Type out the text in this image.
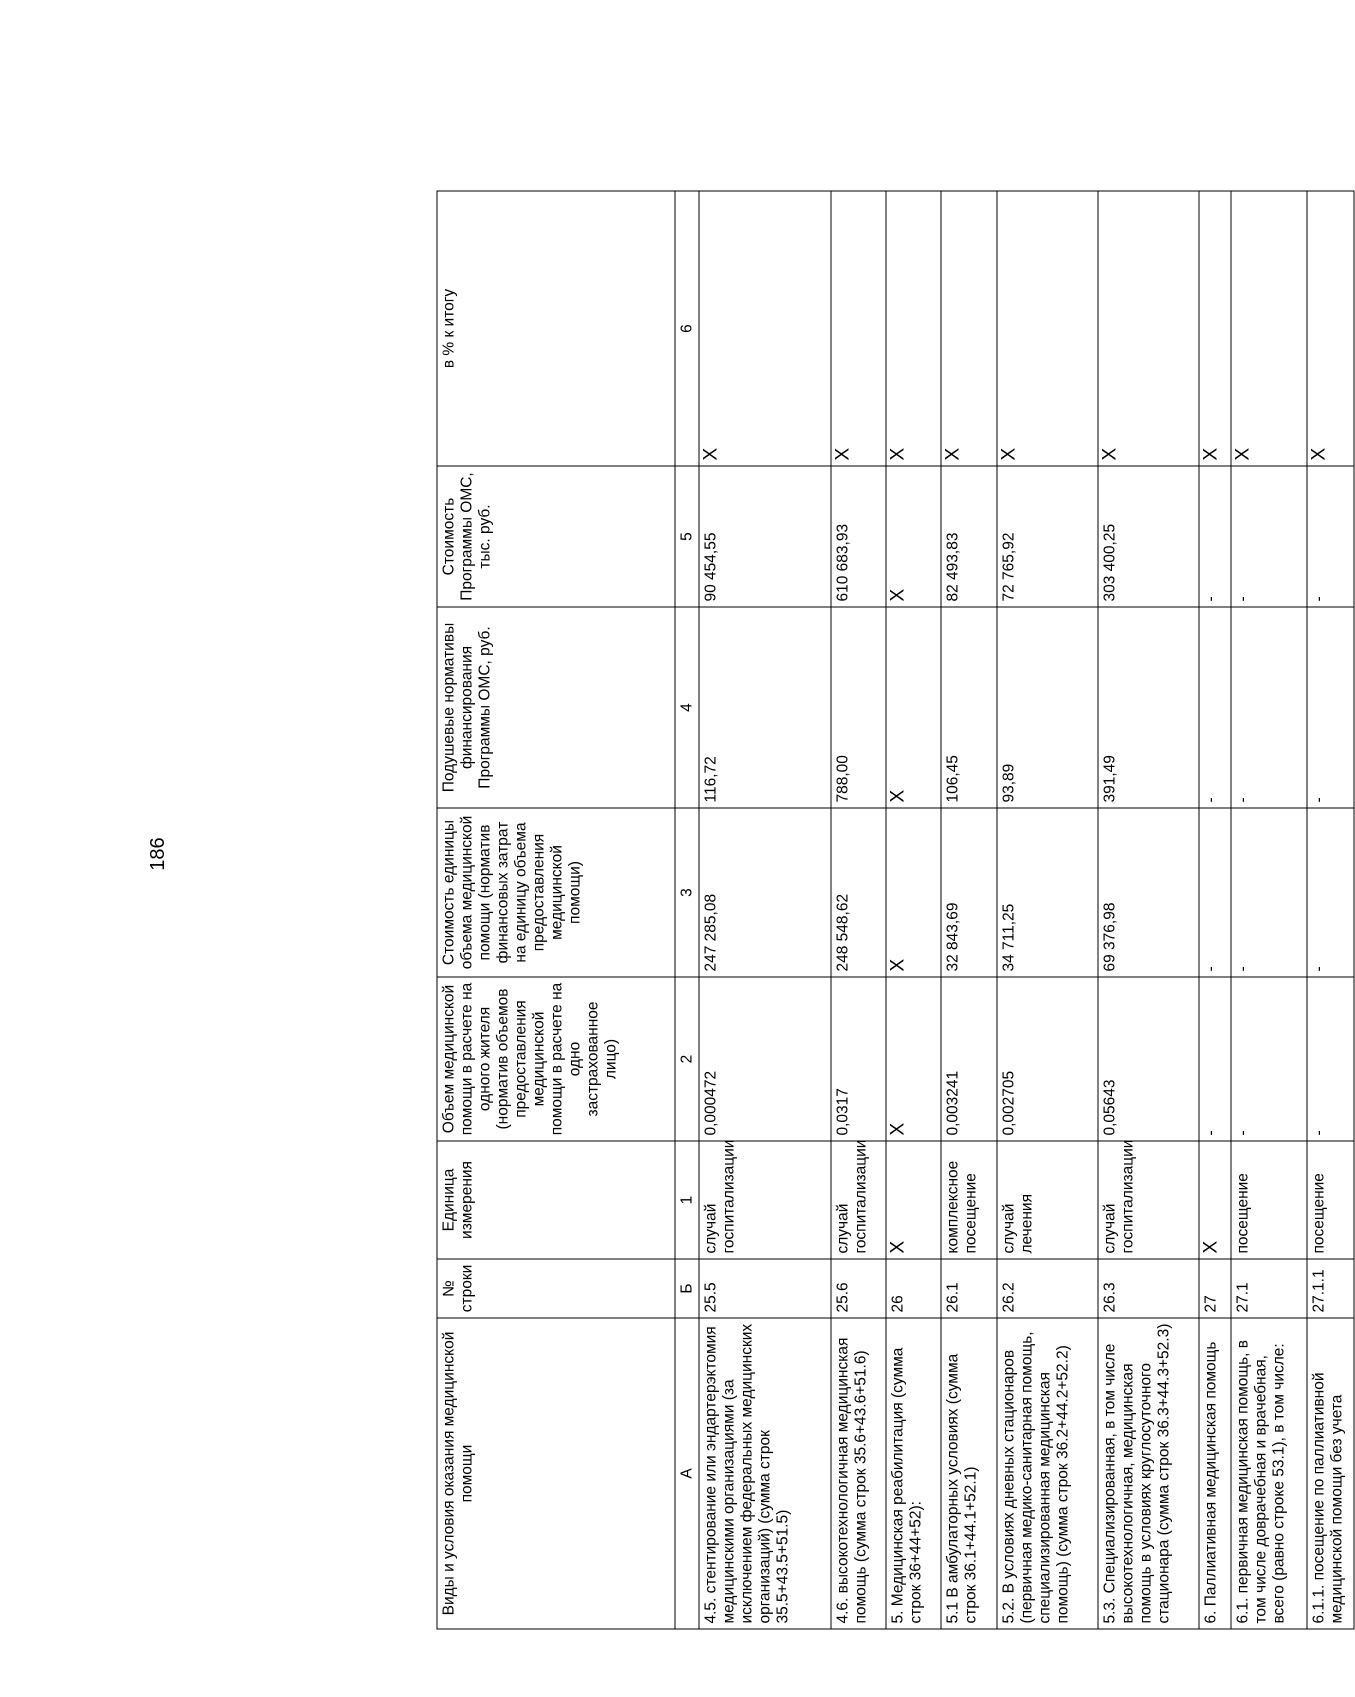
186
Виды и условия оказания медицинской помощи	№ строки	Единица измерения	Объем медицинской помощи в расчете на одного жителя (норматив объемов предоставления медицинской помощи в расчете на одно застрахованное лицо)	Стоимость единицы объема медицинской помощи (норматив финансовых затрат на единицу объема предоставления медицинской помощи)	Подушевые нормативы финансирования Программы ОМС, руб.	Стоимость Программы ОМС, тыс. руб.	в % к итогу
А	Б	1	2	3	4	5	6
4.5. стентирование или эндартерэктомия медицинскими организациями (за исключением федеральных медицинских организаций) (сумма строк 35.5+43.5+51.5)	25.5	случай госпитализации	0,000472	247 285,08	116,72	90 454,55	X
4.6. высокотехнологичная медицинская помощь (сумма строк 35.6+43.6+51.6)	25.6	случай госпитализации	0,0317	248 548,62	788,00	610 683,93	X
5. Медицинская реабилитация (сумма строк 36+44+52):	26	X	X	X	X	X	X
5.1 В амбулаторных условиях (сумма строк 36.1+44.1+52.1)	26.1	комплексное посещение	0,003241	32 843,69	106,45	82 493,83	X
5.2. В условиях дневных стационаров (первичная медико-санитарная помощь, специализированная медицинская помощь) (сумма строк 36.2+44.2+52.2)	26.2	случай лечения	0,002705	34 711,25	93,89	72 765,92	X
5.3. Специализированная, в том числе высокотехнологичная, медицинская помощь в условиях круглосуточного стационара (сумма строк 36.3+44.3+52.3)	26.3	случай госпитализации	0,05643	69 376,98	391,49	303 400,25	X
6. Паллиативная медицинская помощь	27	X	-	-	-	-	X
6.1. первичная медицинская помощь, в том числе доврачебная и врачебная, всего (равно строке 53.1), в том числе:	27.1	посещение	-	-	-	-	X
6.1.1. посещение по паллиативной медицинской помощи без учета	27.1.1	посещение	-	-	-	-	X
